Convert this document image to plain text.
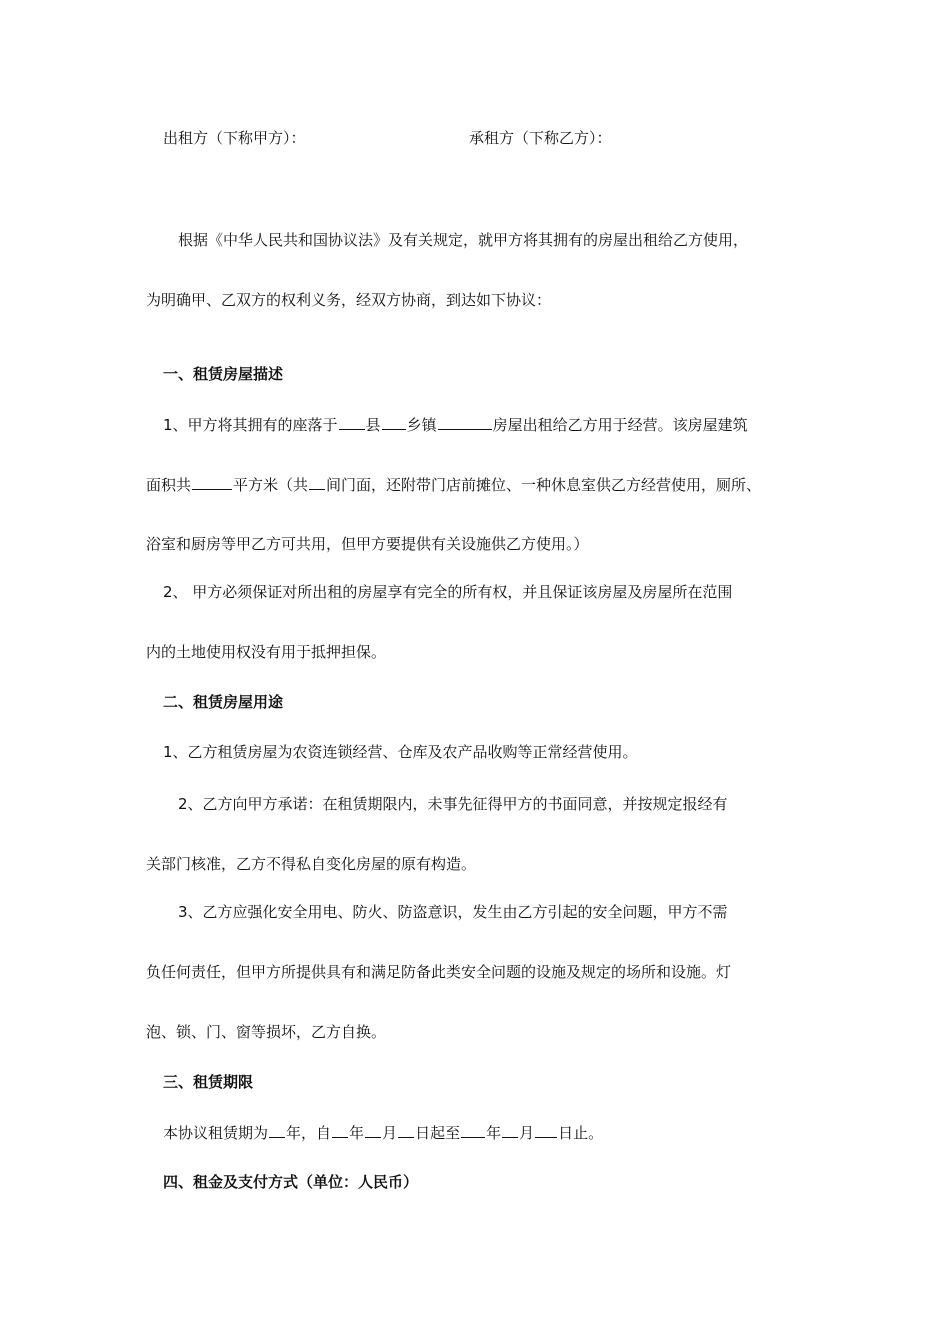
出租方（下称甲方）：	承租方（下称乙方）：
根据《中华人民共和国协议法》及有关规定，就甲方将其拥有的房屋出租给乙方使用，
为明确甲、乙双方的权利义务，经双方协商，到达如下协议：
一、租赁房屋描述
1、甲方将其拥有的座落于 县 乡镇	房屋出租给乙方用于经营。该房屋建筑
面积共	平方米（共 间门面，还附带门店前摊位、一种休息室供乙方经营使用，厕所、
浴室和厨房等甲乙方可共用，但甲方要提供有关设施供乙方使用。）
2、 甲方必须保证对所出租的房屋享有完全的所有权，并且保证该房屋及房屋所在范围
内的土地使用权没有用于抵押担保。
二、租赁房屋用途
1、乙方租赁房屋为农资连锁经营、仓库及农产品收购等正常经营使用。
2、乙方向甲方承诺：在租赁期限内，未事先征得甲方的书面同意，并按规定报经有
关部门核准，乙方不得私自变化房屋的原有构造。
3、乙方应强化安全用电、防火、防盗意识，发生由乙方引起的安全问题，甲方不需
负任何责任，但甲方所提供具有和满足防备此类安全问题的设施及规定的场所和设施。灯
泡、锁、门、窗等损坏，乙方自换。
三、租赁期限
本协议租赁期为 年，自 年 月 日起至 年 月 日止。
四、租金及支付方式（单位：人民币）
